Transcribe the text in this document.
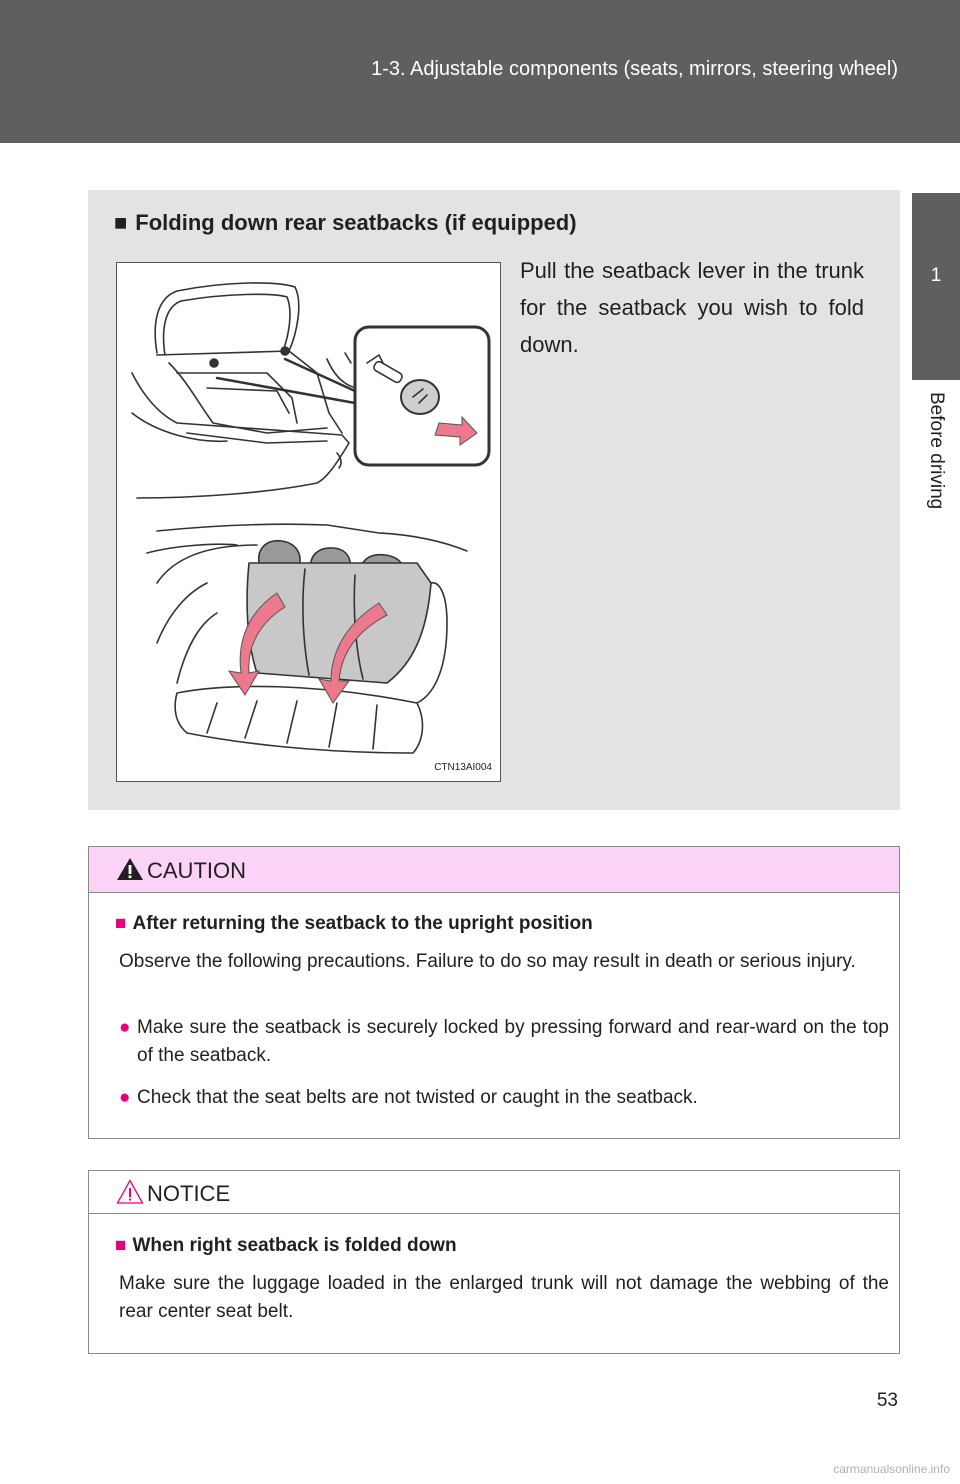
1-3. Adjustable components (seats, mirrors, steering wheel)
1
Before driving
■ Folding down rear seatbacks (if equipped)
CTN13AI004
Pull the seatback lever in the trunk for the seatback you wish to fold down.
CAUTION
■ After returning the seatback to the upright position
Observe the following precautions. Failure to do so may result in death or serious injury.
● Make sure the seatback is securely locked by pressing forward and rear-ward on the top of the seatback.
● Check that the seat belts are not twisted or caught in the seatback.
NOTICE
■ When right seatback is folded down
Make sure the luggage loaded in the enlarged trunk will not damage the webbing of the rear center seat belt.
53
carmanualsonline.info
